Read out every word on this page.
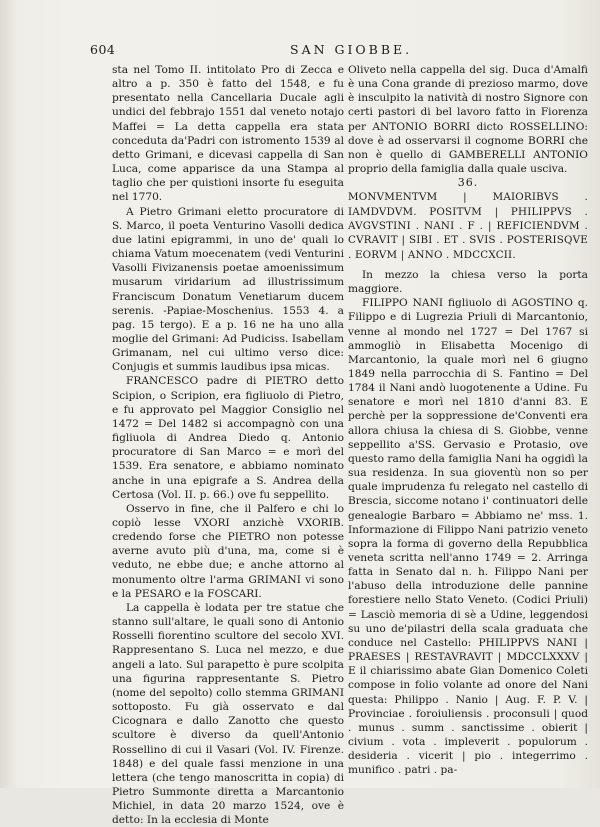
604	SAN GIOBBE.

sta nel Tomo II. intitolato Pro di Zecca e altro a p. 350 è fatto del 1548, e fu presentato nella Cancellaria Ducale agli undici del febbrajo 1551 dal veneto notajo Maffei = La detta cappella era stata conceduta da'Padri con istromento 1539 al detto Grimani, e dicevasi cappella di San Luca, come apparisce da una Stampa al taglio che per quistioni insorte fu eseguita nel 1770.

A Pietro Grimani eletto procuratore di S. Marco, il poeta Venturino Vasolli dedica due latini epigrammi, in uno de' quali lo chiama Vatum moecenatem (vedi Venturini Vasolli Fivizanensis poetae amoenissimum musarum viridarium ad illustrissimum Franciscum Donatum Venetiarum ducem serenis. -Papiae-Moschenius. 1553 4. a pag. 15 tergo). E a p. 16 ne ha uno alla moglie del Grimani: Ad Pudiciss. Isabellam Grimanam, nel cui ultimo verso dice: Conjugis et summis laudibus ipsa micas.

FRANCESCO padre di PIETRO detto Scipion, o Scripion, era figliuolo di Pietro, e fu approvato pel Maggior Consiglio nel 1472 = Del 1482 si accompagnò con una figliuola di Andrea Diedo q. Antonio procuratore di San Marco = e morì del 1539. Era senatore, e abbiamo nominato anche in una epigrafe a S. Andrea della Certosa (Vol. II. p. 66.) ove fu seppellito.

Osservo in fine, che il Palfero e chi lo copiò lesse VXORI anzichè VXORIB. credendo forse che PIETRO non potesse averne avuto più d'una, ma, come si è veduto, ne ebbe due; e anche attorno al monumento oltre l'arma GRIMANI vi sono e la PESARO e la FOSCARI.

La cappella è lodata per tre statue che stanno sull'altare, le quali sono di Antonio Rosselli fiorentino scultore del secolo XVI. Rappresentano S. Luca nel mezzo, e due angeli a lato. Sul parapetto è pure scolpita una figurina rappresentante S. Pietro (nome del sepolto) collo stemma GRIMANI sottoposto. Fu già osservato e dal Cicognara e dallo Zanotto che questo scultore è diverso da quell'Antonio Rossellino di cui il Vasari (Vol. IV. Firenze. 1848) e del quale fassi menzione in una lettera (che tengo manoscritta in copia) di Pietro Summonte diretta a Marcantonio Michiel, in data 20 marzo 1524, ove è detto: In la ecclesia di Monte

Oliveto nella cappella del sig. Duca d'Amalfi è una Cona grande di prezioso marmo, dove è insculpito la natività di nostro Signore con certi pastori di bel lavoro fatto in Fiorenza per ANTONIO BORRI dicto ROSSELLINO: dove è ad osservarsi il cognome BORRI che non è quello di GAMBERELLI ANTONIO proprio della famiglia dalla quale usciva.

36.

MONVMENTVM | MAIORIBVS . IAMDVDVM. POSITVM | PHILIPPVS . AVGVSTINI . NANI . F . | REFICIENDVM . CVRAVIT | SIBI . ET . SVIS . POSTERISQVE . EORVM | ANNO . MDCCXCII.

In mezzo la chiesa verso la porta maggiore.

FILIPPO NANI figliuolo di AGOSTINO q. Filippo e di Lugrezia Priuli di Marcantonio, venne al mondo nel 1727 = Del 1767 si ammogliò in Elisabetta Mocenigo di Marcantonio, la quale morì nel 6 giugno 1849 nella parrocchia di S. Fantino = Del 1784 il Nani andò luogotenente a Udine. Fu senatore e morì nel 1810 d'anni 83. E perchè per la soppressione de'Conventi era allora chiusa la chiesa di S. Giobbe, venne seppellito a'SS. Gervasio e Protasio, ove questo ramo della famiglia Nani ha oggidì la sua residenza. In sua gioventù non so per quale imprudenza fu relegato nel castello di Brescia, siccome notano i' continuatori delle genealogie Barbaro = Abbiamo ne' mss. 1. Informazione di Filippo Nani patrizio veneto sopra la forma di governo della Repubblica veneta scritta nell'anno 1749 = 2. Arringa fatta in Senato dal n. h. Filippo Nani per l'abuso della introduzione delle pannine forestiere nello Stato Veneto. (Codici Priuli) = Lasciò memoria di sè a Udine, leggendosi su uno de'pilastri della scala graduata che conduce nel Castello: PHILIPPVS NANI | PRAESES | RESTAVRAVIT | MDCCLXXXV | E il chiarissimo abate Gian Domenico Coleti compose in folio volante ad onore del Nani questa: Philippo . Nanio | Aug. F. P. V. | Provinciae . foroiuliensis . proconsuli | quod . munus . summ . sanctissime . obierit | civium . vota . impleverit . populorum . desideria . vicerit | pio . integerrimo . munifico . patri . pa-
